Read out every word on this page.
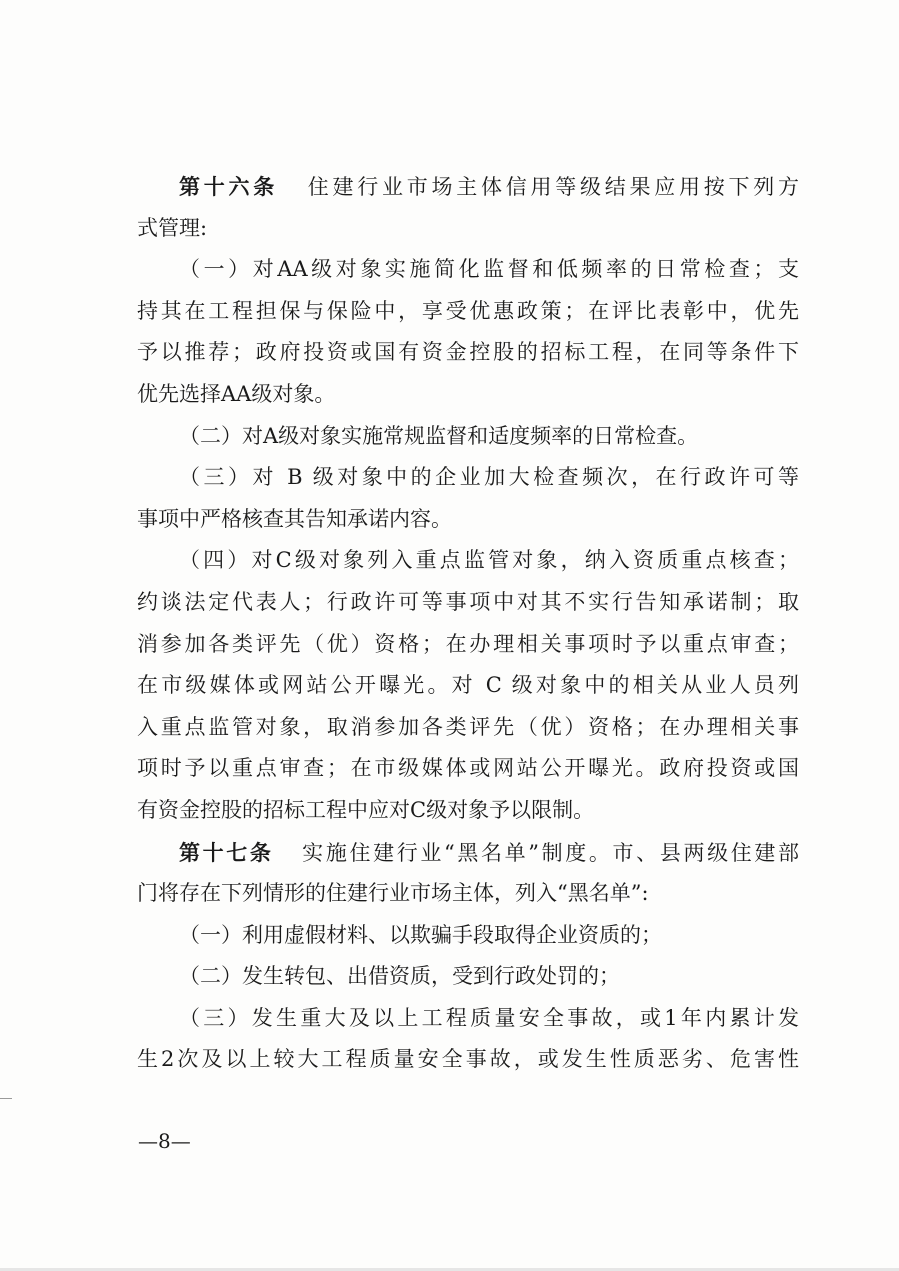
第十六条 住建行业市场主体信用等级结果应用按下列方
式管理:
（一）对AA级对象实施简化监督和低频率的日常检查；支
持其在工程担保与保险中，享受优惠政策；在评比表彰中，优先
予以推荐；政府投资或国有资金控股的招标工程，在同等条件下
优先选择AA级对象。
（二）对A级对象实施常规监督和适度频率的日常检查。
（三）对 B 级对象中的企业加大检查频次，在行政许可等
事项中严格核查其告知承诺内容。
（四）对C级对象列入重点监管对象，纳入资质重点核查；
约谈法定代表人；行政许可等事项中对其不实行告知承诺制；取
消参加各类评先（优）资格；在办理相关事项时予以重点审查；
在市级媒体或网站公开曝光。对 C 级对象中的相关从业人员列
入重点监管对象，取消参加各类评先（优）资格；在办理相关事
项时予以重点审查；在市级媒体或网站公开曝光。政府投资或国
有资金控股的招标工程中应对C级对象予以限制。
第十七条 实施住建行业“黑名单”制度。市、县两级住建部
门将存在下列情形的住建行业市场主体，列入“黑名单”:
（一）利用虚假材料、以欺骗手段取得企业资质的；
（二）发生转包、出借资质，受到行政处罚的；
（三）发生重大及以上工程质量安全事故，或1年内累计发
生2次及以上较大工程质量安全事故，或发生性质恶劣、危害性
—8—
